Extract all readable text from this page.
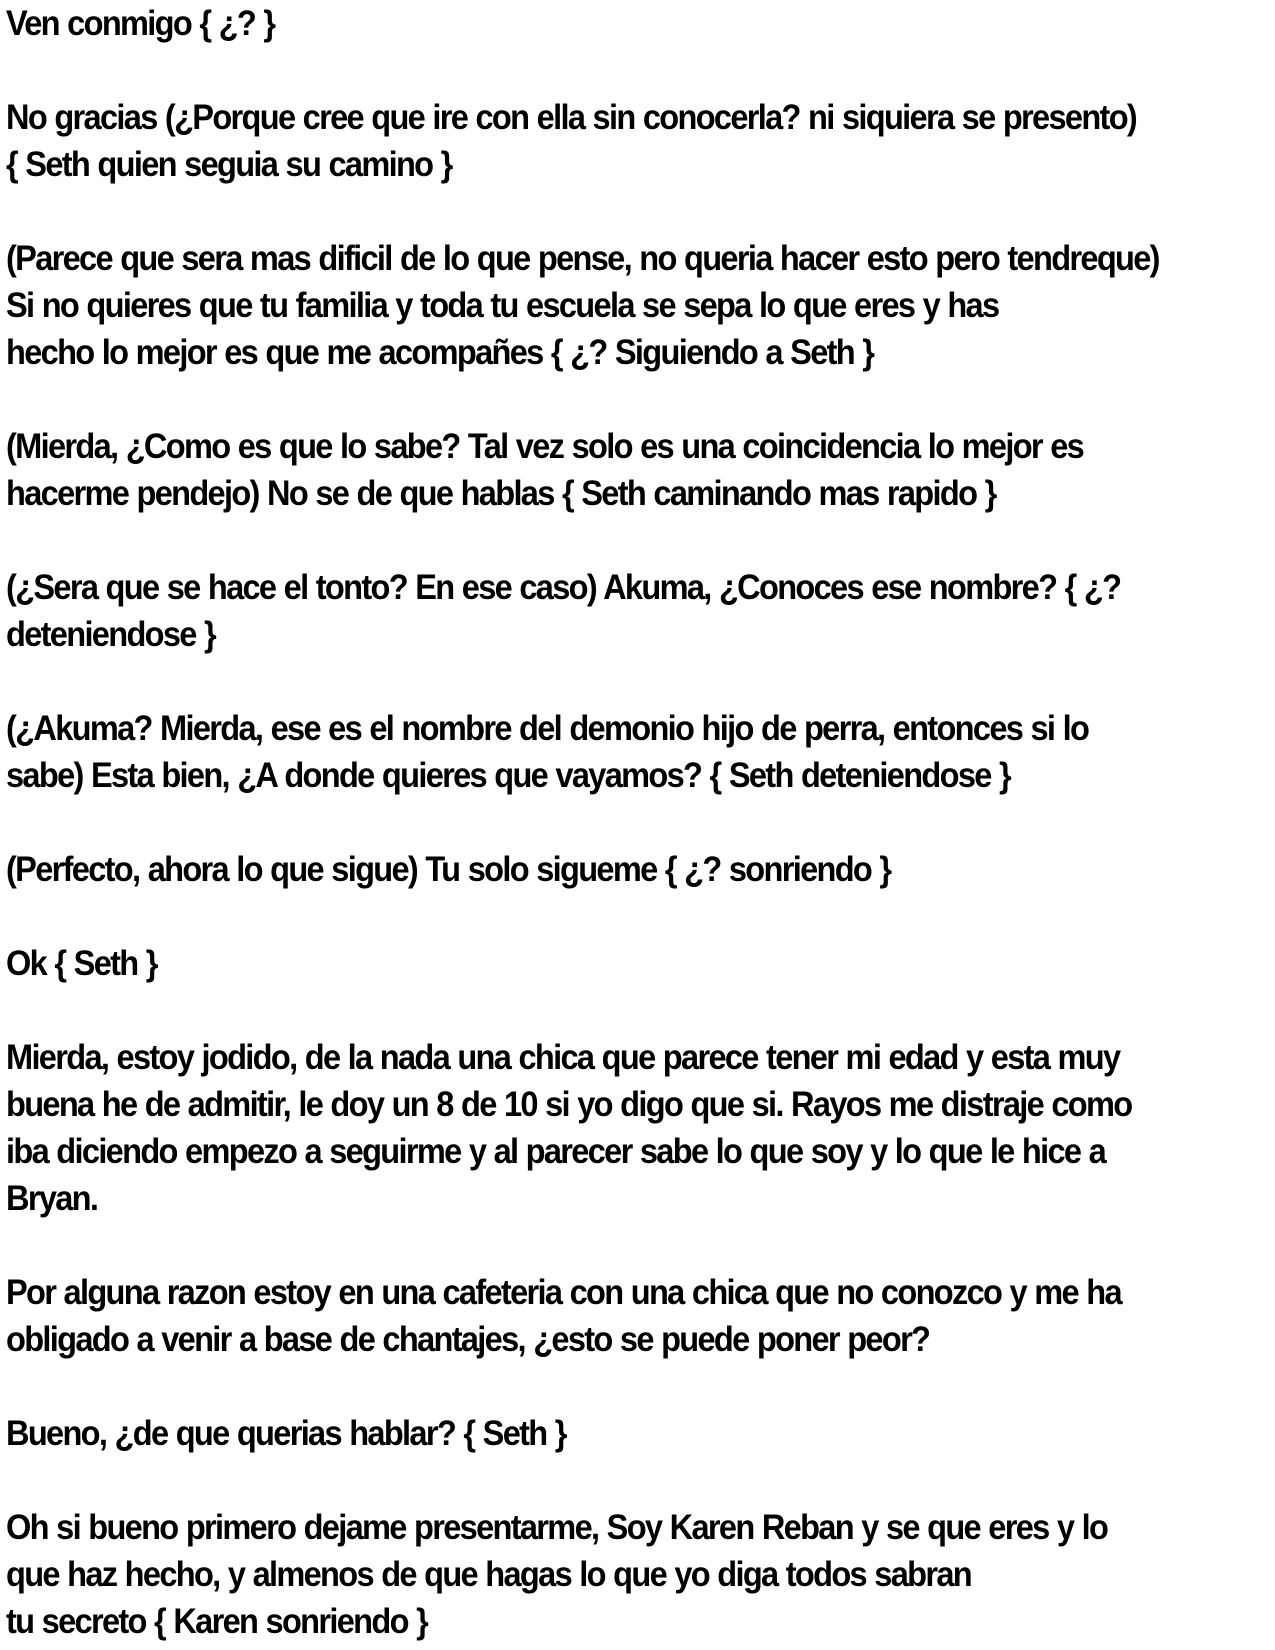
Ven conmigo { ¿? }

No gracias (¿Porque cree que ire con ella sin conocerla? ni siquiera se presento)
{ Seth quien seguia su camino }

(Parece que sera mas dificil de lo que pense, no queria hacer esto pero tendreque)
Si no quieres que tu familia y toda tu escuela se sepa lo que eres y has
hecho lo mejor es que me acompañes { ¿? Siguiendo a Seth }

(Mierda, ¿Como es que lo sabe? Tal vez solo es una coincidencia lo mejor es
hacerme pendejo) No se de que hablas { Seth caminando mas rapido }

(¿Sera que se hace el tonto? En ese caso) Akuma, ¿Conoces ese nombre? { ¿?
deteniendose }

(¿Akuma? Mierda, ese es el nombre del demonio hijo de perra, entonces si lo
sabe) Esta bien, ¿A donde quieres que vayamos? { Seth deteniendose }

(Perfecto, ahora lo que sigue) Tu solo sigueme { ¿? sonriendo }

Ok { Seth }

Mierda, estoy jodido, de la nada una chica que parece tener mi edad y esta muy
buena he de admitir, le doy un 8 de 10 si yo digo que si. Rayos me distraje como
iba diciendo empezo a seguirme y al parecer sabe lo que soy y lo que le hice a
Bryan.

Por alguna razon estoy en una cafeteria con una chica que no conozco y me ha
obligado a venir a base de chantajes, ¿esto se puede poner peor?

Bueno, ¿de que querias hablar? { Seth }

Oh si bueno primero dejame presentarme, Soy Karen Reban y se que eres y lo
que haz hecho, y almenos de que hagas lo que yo diga todos sabran
tu secreto { Karen sonriendo }
